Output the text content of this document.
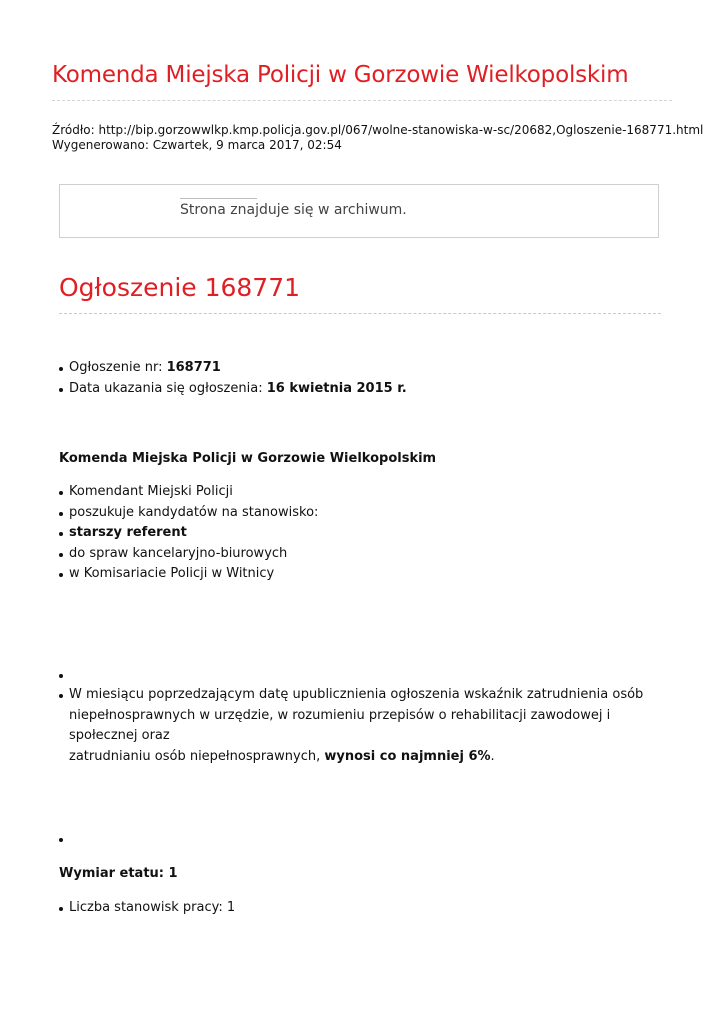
Komenda Miejska Policji w Gorzowie Wielkopolskim
Źródło: http://bip.gorzowwlkp.kmp.policja.gov.pl/067/wolne-stanowiska-w-sc/20682,Ogloszenie-168771.html
Wygenerowano: Czwartek, 9 marca 2017, 02:54
Strona znajduje się w archiwum.
Ogłoszenie 168771
Ogłoszenie nr: 168771
Data ukazania się ogłoszenia: 16 kwietnia 2015 r.
Komenda Miejska Policji w Gorzowie Wielkopolskim
Komendant Miejski Policji
poszukuje kandydatów na stanowisko:
starszy referent
do spraw kancelaryjno-biurowych
w Komisariacie Policji w Witnicy
W miesiącu poprzedzającym datę upublicznienia ogłoszenia wskaźnik zatrudnienia osób
niepełnosprawnych w urzędzie, w rozumieniu przepisów o rehabilitacji zawodowej i społecznej oraz
zatrudnianiu osób niepełnosprawnych, wynosi co najmniej 6%.
Wymiar etatu: 1
Liczba stanowisk pracy: 1
